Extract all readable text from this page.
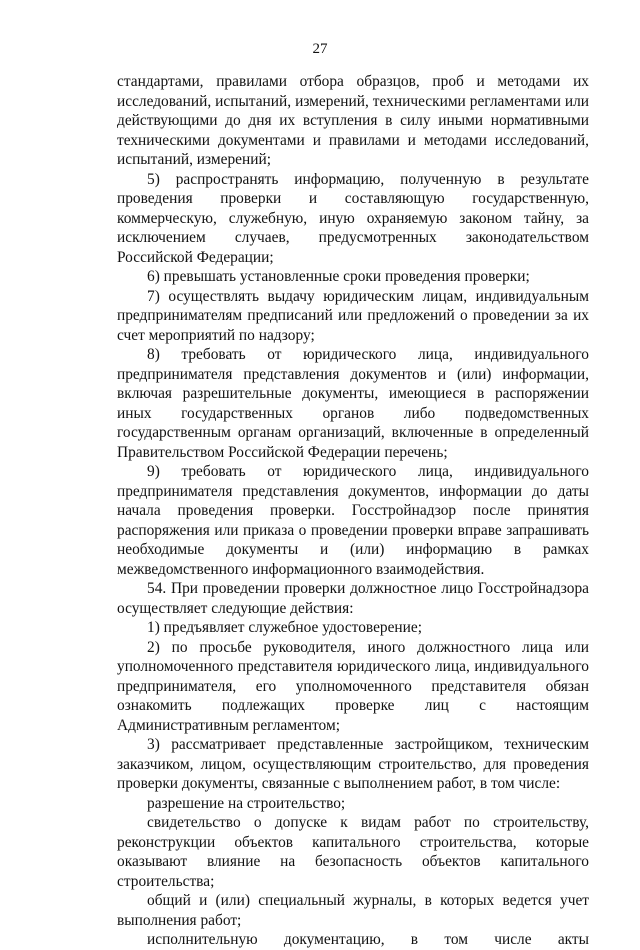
27

стандартами, правилами отбора образцов, проб и методами их исследований, испытаний, измерений, техническими регламентами или действующими до дня их вступления в силу иными нормативными техническими документами и правилами и методами исследований, испытаний, измерений;

5) распространять информацию, полученную в результате проведения проверки и составляющую государственную, коммерческую, служебную, иную охраняемую законом тайну, за исключением случаев, предусмотренных законодательством Российской Федерации;

6) превышать установленные сроки проведения проверки;

7) осуществлять выдачу юридическим лицам, индивидуальным предпринимателям предписаний или предложений о проведении за их счет мероприятий по надзору;

8) требовать от юридического лица, индивидуального предпринимателя представления документов и (или) информации, включая разрешительные документы, имеющиеся в распоряжении иных государственных органов либо подведомственных государственным органам организаций, включенные в определенный Правительством Российской Федерации перечень;

9) требовать от юридического лица, индивидуального предпринимателя представления документов, информации до даты начала проведения проверки. Госстройнадзор после принятия распоряжения или приказа о проведении проверки вправе запрашивать необходимые документы и (или) информацию в рамках межведомственного информационного взаимодействия.

54. При проведении проверки должностное лицо Госстройнадзора осуществляет следующие действия:

1) предъявляет служебное удостоверение;

2) по просьбе руководителя, иного должностного лица или уполномоченного представителя юридического лица, индивидуального предпринимателя, его уполномоченного представителя обязан ознакомить подлежащих проверке лиц с настоящим Административным регламентом;

3) рассматривает представленные застройщиком, техническим заказчиком, лицом, осуществляющим строительство, для проведения проверки документы, связанные с выполнением работ, в том числе:

разрешение на строительство;

свидетельство о допуске к видам работ по строительству, реконструкции объектов капитального строительства, которые оказывают влияние на безопасность объектов капитального строительства;

общий и (или) специальный журналы, в которых ведется учет выполнения работ;

исполнительную документацию, в том числе акты
